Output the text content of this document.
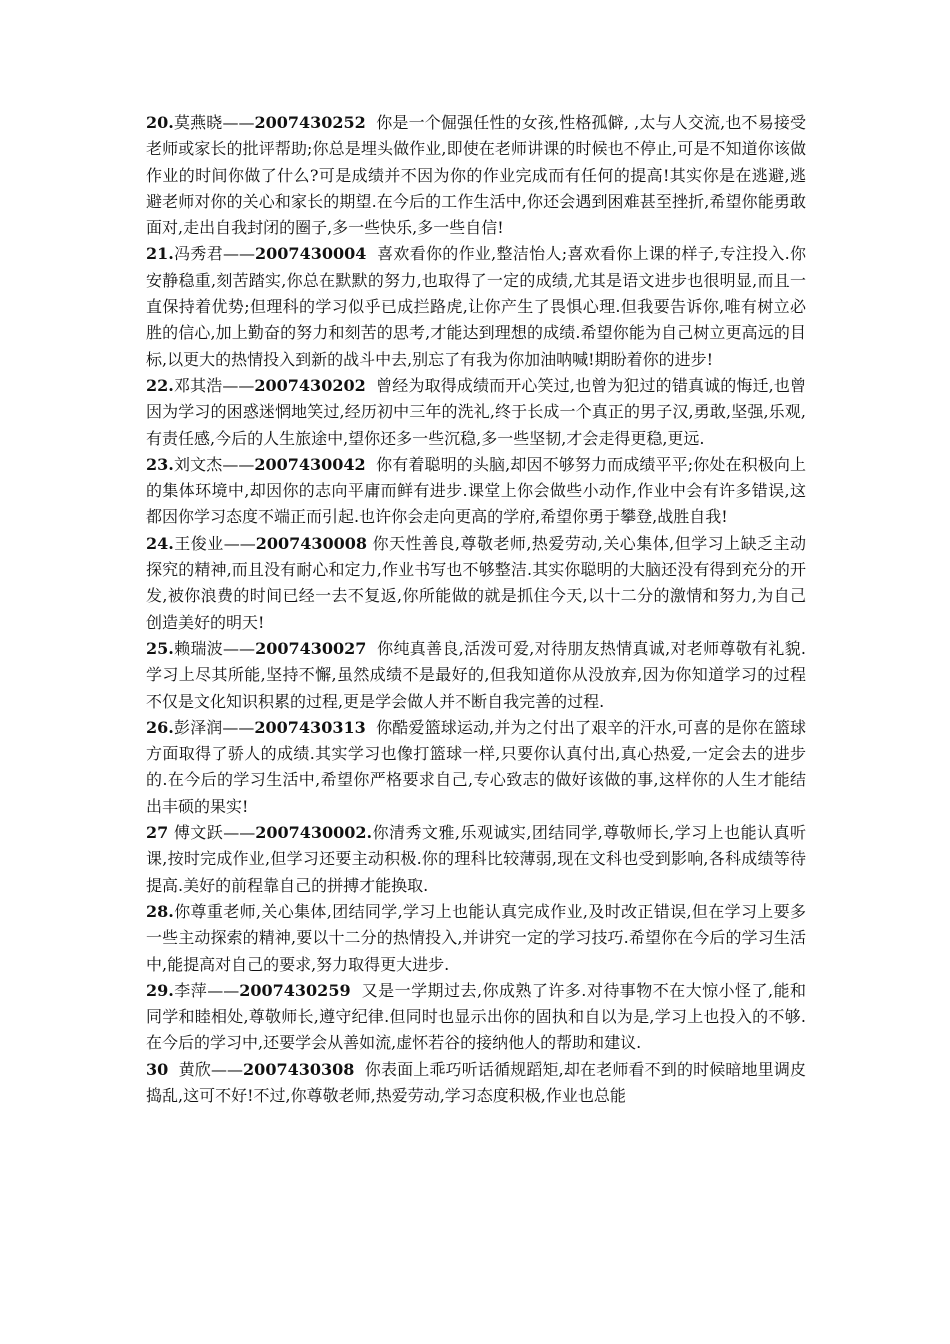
20.莫燕晓——2007430252 你是一个倔强任性的女孩,性格孤僻, ,太与人交流,也不易接受老师或家长的批评帮助;你总是埋头做作业,即使在老师讲课的时候也不停止,可是不知道你该做作业的时间你做了什么?可是成绩并不因为你的作业完成而有任何的提高!其实你是在逃避,逃避老师对你的关心和家长的期望.在今后的工作生活中,你还会遇到困难甚至挫折,希望你能勇敢面对,走出自我封闭的圈子,多一些快乐,多一些自信!

21.冯秀君——2007430004 喜欢看你的作业,整洁怡人;喜欢看你上课的样子,专注投入.你安静稳重,刻苦踏实,你总在默默的努力,也取得了一定的成绩,尤其是语文进步也很明显,而且一直保持着优势;但理科的学习似乎已成拦路虎,让你产生了畏惧心理.但我要告诉你,唯有树立必胜的信心,加上勤奋的努力和刻苦的思考,才能达到理想的成绩.希望你能为自己树立更高远的目标,以更大的热情投入到新的战斗中去,别忘了有我为你加油呐喊!期盼着你的进步!

22.邓其浩——2007430202 曾经为取得成绩而开心笑过,也曾为犯过的错真诚的悔迁,也曾因为学习的困惑迷惘地笑过,经历初中三年的洗礼,终于长成一个真正的男子汉,勇敢,坚强,乐观,有责任感,今后的人生旅途中,望你还多一些沉稳,多一些坚韧,才会走得更稳,更远.

23.刘文杰——2007430042 你有着聪明的头脑,却因不够努力而成绩平平;你处在积极向上的集体环境中,却因你的志向平庸而鲜有进步.课堂上你会做些小动作,作业中会有许多错误,这都因你学习态度不端正而引起.也许你会走向更高的学府,希望你勇于攀登,战胜自我!

24.王俊业——2007430008 你天性善良,尊敬老师,热爱劳动,关心集体,但学习上缺乏主动探究的精神,而且没有耐心和定力,作业书写也不够整洁.其实你聪明的大脑还没有得到充分的开发,被你浪费的时间已经一去不复返,你所能做的就是抓住今天,以十二分的激情和努力,为自己创造美好的明天!

25.赖瑞波——2007430027 你纯真善良,活泼可爱,对待朋友热情真诚,对老师尊敬有礼貌.学习上尽其所能,坚持不懈,虽然成绩不是最好的,但我知道你从没放弃,因为你知道学习的过程不仅是文化知识积累的过程,更是学会做人并不断自我完善的过程.

26.彭泽润——2007430313 你酷爱篮球运动,并为之付出了艰辛的汗水,可喜的是你在篮球方面取得了骄人的成绩.其实学习也像打篮球一样,只要你认真付出,真心热爱,一定会去的进步的.在今后的学习生活中,希望你严格要求自己,专心致志的做好该做的事,这样你的人生才能结出丰硕的果实!

27 傅文跃——2007430002.你清秀文雅,乐观诚实,团结同学,尊敬师长,学习上也能认真听课,按时完成作业,但学习还要主动积极.你的理科比较薄弱,现在文科也受到影响,各科成绩等待提高.美好的前程靠自己的拼搏才能换取.

28.你尊重老师,关心集体,团结同学,学习上也能认真完成作业,及时改正错误,但在学习上要多一些主动探索的精神,要以十二分的热情投入,并讲究一定的学习技巧.希望你在今后的学习生活中,能提高对自己的要求,努力取得更大进步.

29.李萍——2007430259 又是一学期过去,你成熟了许多.对待事物不在大惊小怪了,能和同学和睦相处,尊敬师长,遵守纪律.但同时也显示出你的固执和自以为是,学习上也投入的不够.在今后的学习中,还要学会从善如流,虚怀若谷的接纳他人的帮助和建议.

30  黄欣——2007430308 你表面上乖巧听话循规蹈矩,却在老师看不到的时候暗地里调皮捣乱,这可不好!不过,你尊敬老师,热爱劳动,学习态度积极,作业也总能
